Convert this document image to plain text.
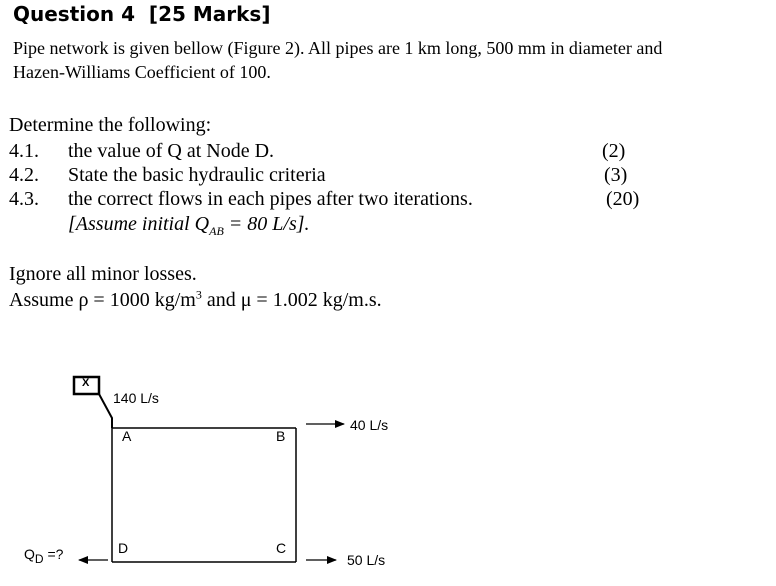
Question 4 [25 Marks]
Pipe network is given bellow (Figure 2). All pipes are 1 km long, 500 mm in diameter and
Hazen-Williams Coefficient of 100.
Determine the following:
4.1. the value of Q at Node D.	(2)
4.2. State the basic hydraulic criteria	(3)
4.3. the correct flows in each pipes after two iterations.	(20)
[Assume initial $Q_{AB} = 80$ L/s].
Ignore all minor losses.
Assume ρ = 1000 $kg/m^3$ and μ = 1.002 kg/m.s.
X
140 L/s
A	B
C
D
40 L/s
50 L/s
$Q_D$ =?
